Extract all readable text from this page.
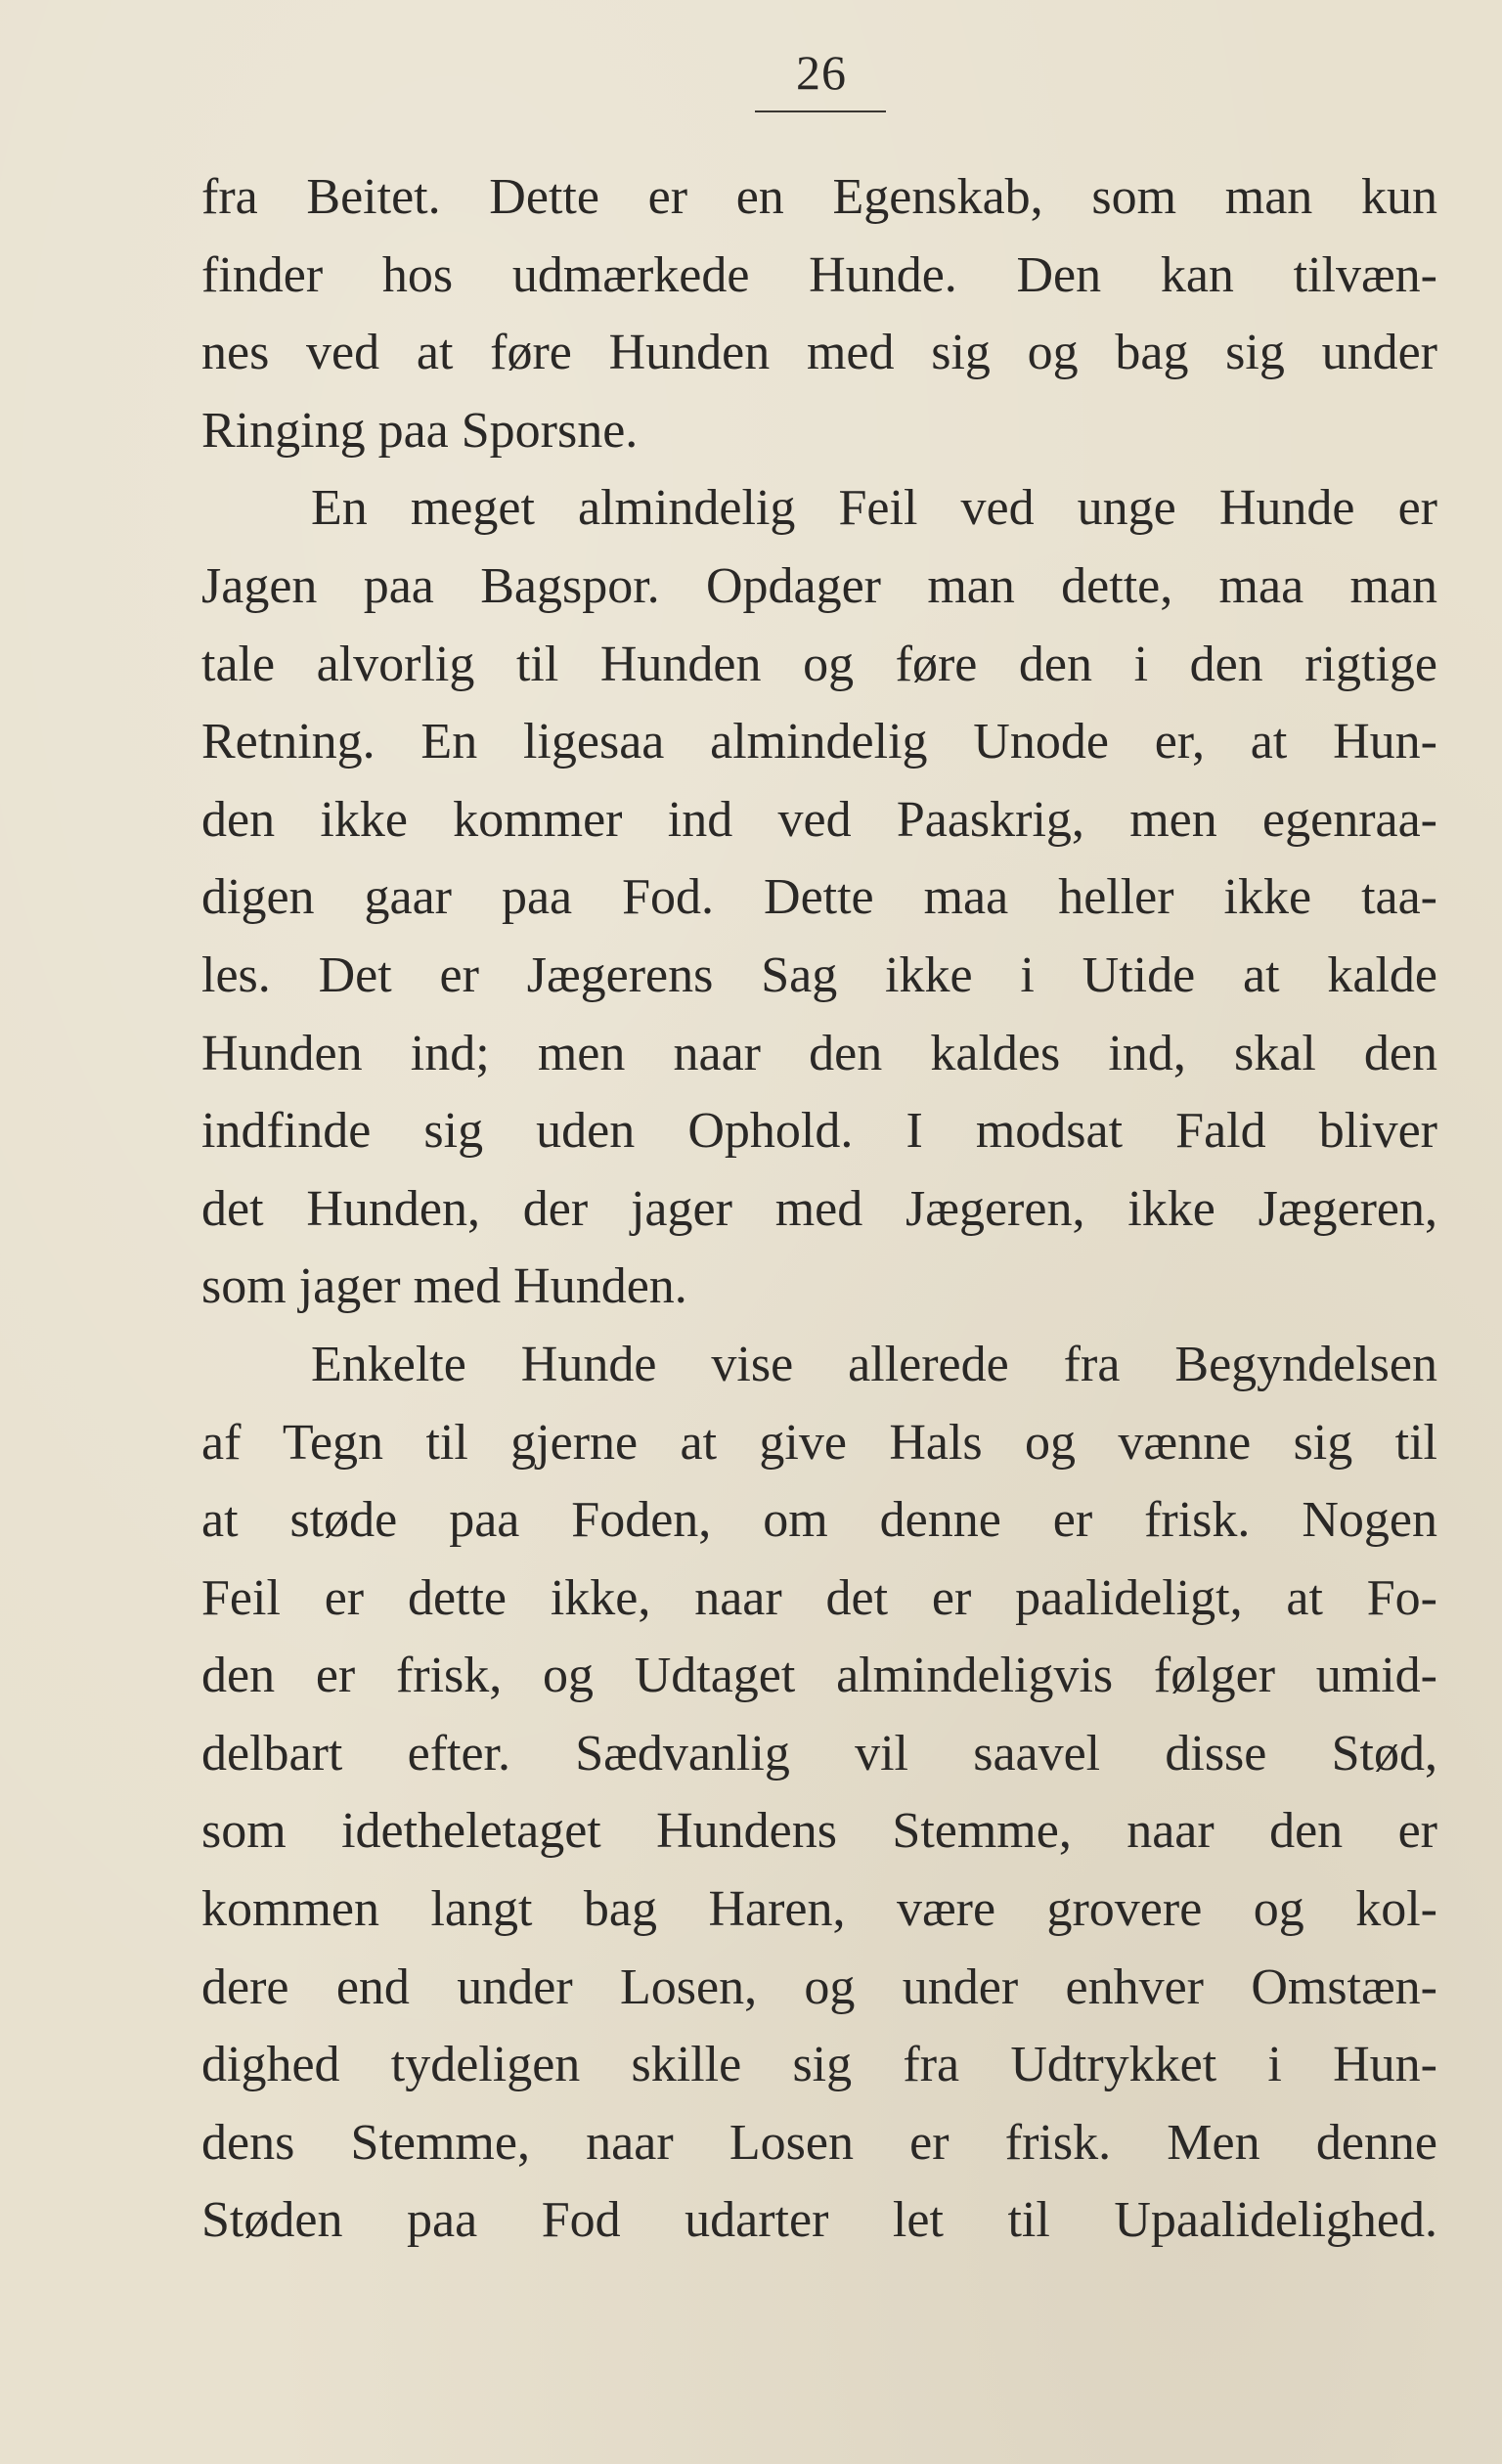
26
fra Beitet. Dette er en Egenskab, som man kun
finder hos udmærkede Hunde. Den kan tilvæn-
nes ved at føre Hunden med sig og bag sig under
Ringing paa Sporsne.
En meget almindelig Feil ved unge Hunde er
Jagen paa Bagspor. Opdager man dette, maa man
tale alvorlig til Hunden og føre den i den rigtige
Retning. En ligesaa almindelig Unode er, at Hun-
den ikke kommer ind ved Paaskrig, men egenraa-
digen gaar paa Fod. Dette maa heller ikke taa-
les. Det er Jægerens Sag ikke i Utide at kalde
Hunden ind; men naar den kaldes ind, skal den
indfinde sig uden Ophold. I modsat Fald bliver
det Hunden, der jager med Jægeren, ikke Jægeren,
som jager med Hunden.
Enkelte Hunde vise allerede fra Begyndelsen
af Tegn til gjerne at give Hals og vænne sig til
at støde paa Foden, om denne er frisk. Nogen
Feil er dette ikke, naar det er paalideligt, at Fo-
den er frisk, og Udtaget almindeligvis følger umid-
delbart efter. Sædvanlig vil saavel disse Stød,
som idetheletaget Hundens Stemme, naar den er
kommen langt bag Haren, være grovere og kol-
dere end under Losen, og under enhver Omstæn-
dighed tydeligen skille sig fra Udtrykket i Hun-
dens Stemme, naar Losen er frisk. Men denne
Støden paa Fod udarter let til Upaalidelighed.
